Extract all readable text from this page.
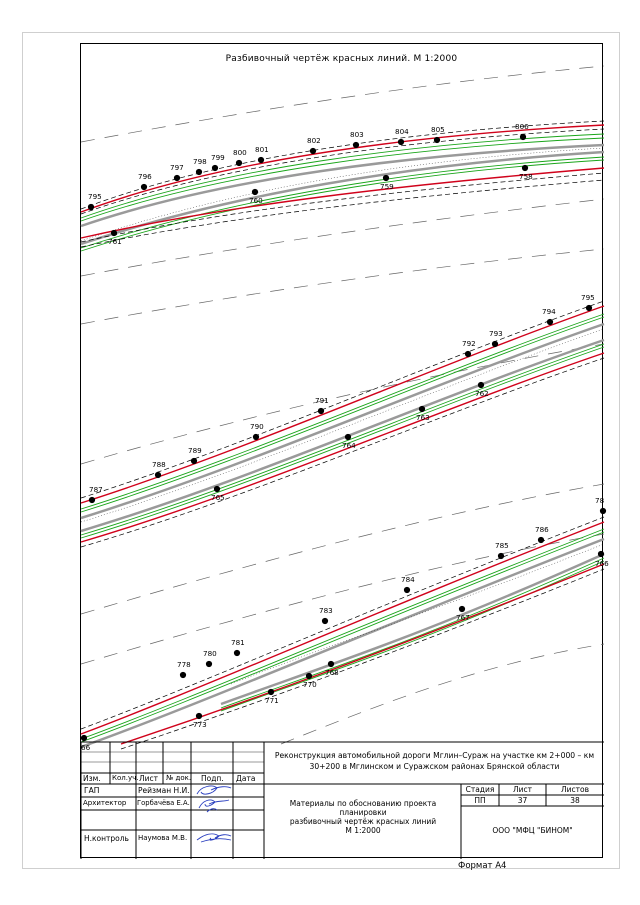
Разбивочный чертёж красных линий. М 1:2000
795
796
797
798 799
800 801
802
803	804	805	806
761
760
759
758
787
788
789
790
791
792
793
794
795
765
764
763
762
778
780
781
783
784
785
786
78
66
773
771
770
768
767
766
Изм. Кол.уч. Лист № док. Подп. Дата
ГАП	Рейзман Н.И.
Архитектор Горбачёва Е.А.
Н.контроль Наумова М.В.
Реконструкция автомобильной дороги Мглин–Сураж на участке км 2+000 – км 30+200 в Мглинском и Суражском районах Брянской области
Материалы по обоснованию проекта
планировки
разбивочный чертёж красных линий
М 1:2000
Стадия	Лист	Листов
ПП	37	38
ООО "МФЦ "БИНОМ"
Формат А4
